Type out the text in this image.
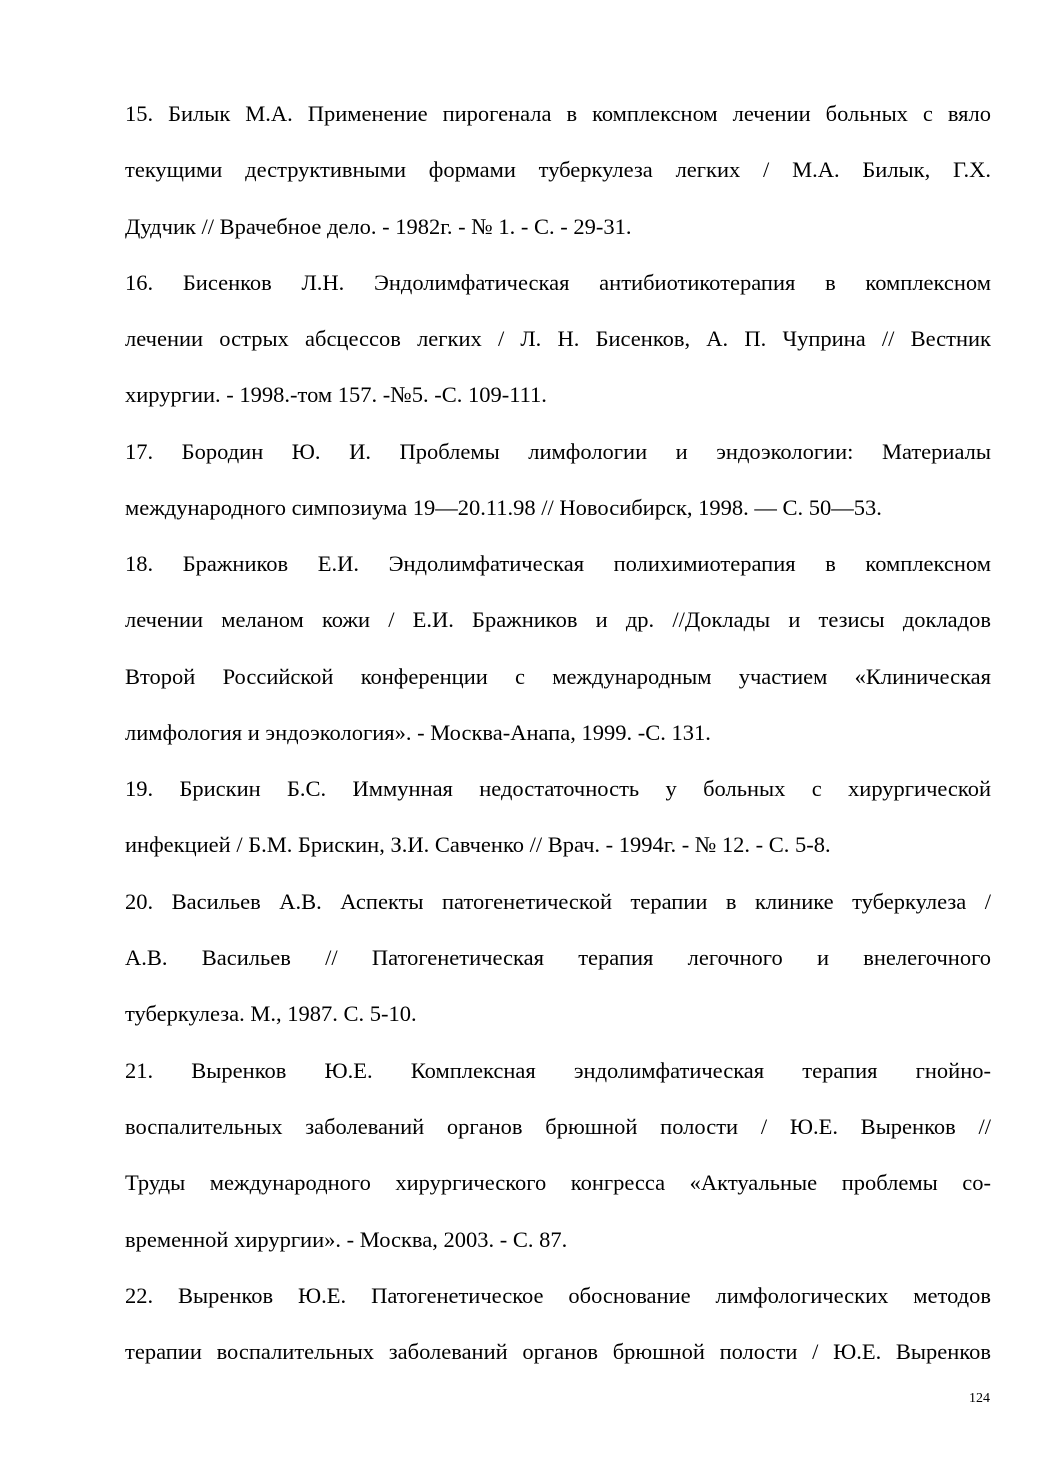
15. Билык М.А. Применение пирогенала в комплексном лечении больных с вяло
текущими деструктивными формами туберкулеза легких / М.А. Билык, Г.Х.
Дудчик // Врачебное дело. - 1982г. - № 1. - С. - 29-31.
16. Бисенков Л.Н. Эндолимфатическая антибиотикотерапия в комплексном
лечении острых абсцессов легких / Л. Н. Бисенков, А. П. Чуприна // Вестник
хирургии. - 1998.-том 157. -№5. -С. 109-111.
17. Бородин Ю. И. Проблемы лимфологии и эндоэкологии: Материалы
международного симпозиума 19—20.11.98 // Новосибирск, 1998. — С. 50—53.
18. Бражников Е.И. Эндолимфатическая полихимиотерапия в комплексном
лечении меланом кожи / Е.И. Бражников и др. //Доклады и тезисы докладов
Второй Российской конференции с международным участием «Клиническая
лимфология и эндоэкология». - Москва-Анапа, 1999. -С. 131.
19. Брискин Б.С. Иммунная недостаточность у больных с хирургической
инфекцией / Б.М. Брискин, З.И. Савченко // Врач. - 1994г. - № 12. - С. 5-8.
20. Васильев А.В. Аспекты патогенетической терапии в клинике туберкулеза /
А.В. Васильев // Патогенетическая терапия легочного и внелегочного
туберкулеза. М., 1987. С. 5-10.
21. Выренков Ю.Е. Комплексная эндолимфатическая терапия гнойно-
воспалительных заболеваний органов брюшной полости / Ю.Е. Выренков //
Труды международного хирургического конгресса «Актуальные проблемы со-
временной хирургии». - Москва, 2003. - С. 87.
22. Выренков Ю.Е. Патогенетическое обоснование лимфологических методов
терапии воспалительных заболеваний органов брюшной полости / Ю.Е. Выренков
124
